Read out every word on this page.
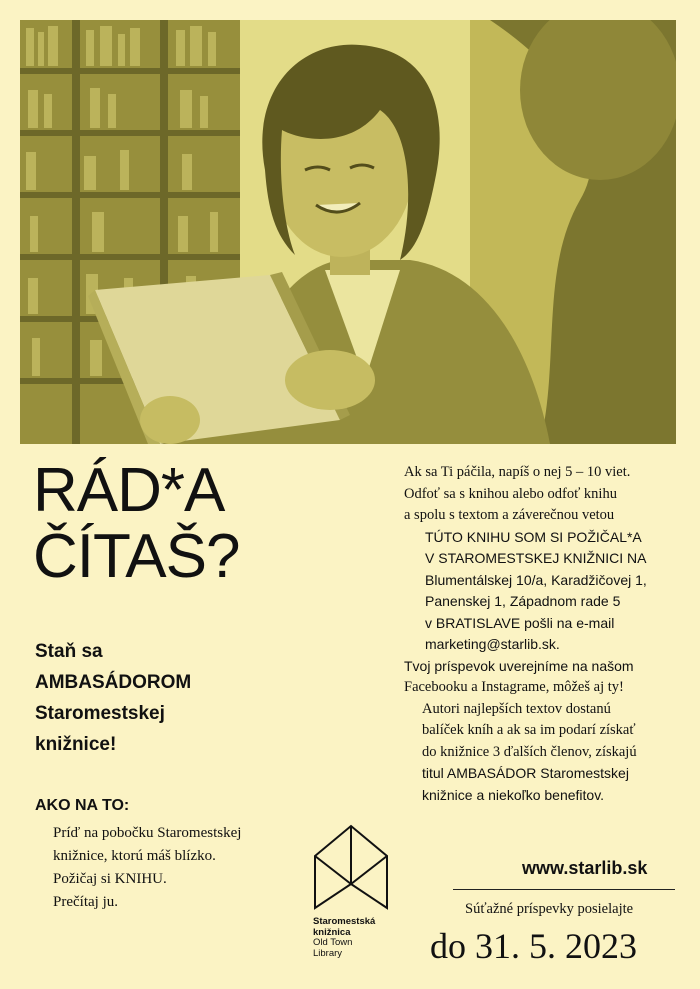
RÁD*A
ČÍTAŠ?
Staň sa
AMBASÁDOROM
Staromestskej
knižnice!
AKO NA TO:
Príď na pobočku Staromestskej
knižnice, ktorú máš blízko.
Požičaj si KNIHU.
Prečítaj ju.
Ak sa Ti páčila, napíš o nej 5 – 10 viet.
Odfoť sa s knihou alebo odfoť knihu
a spolu s textom a záverečnou vetou
TÚTO KNIHU SOM SI POŽIČAL*A
V STAROMESTSKEJ KNIŽNICI NA
Blumentálskej 10/a, Karadžičovej 1,
Panenskej 1, Západnom rade 5
v BRATISLAVE pošli na e-mail
marketing@starlib.sk.
Tvoj príspevok uverejníme na našom
Facebooku a Instagrame, môžeš aj ty!
Autori najlepších textov dostanú
balíček kníh a ak sa im podarí získať
do knižnice 3 ďalších členov, získajú
titul AMBASÁDOR Staromestskej
knižnice a niekoľko benefitov.
www.starlib.sk
Súťažné príspevky posielajte
do 31. 5. 2023
Staromestská
knižnica
Old Town
Library
